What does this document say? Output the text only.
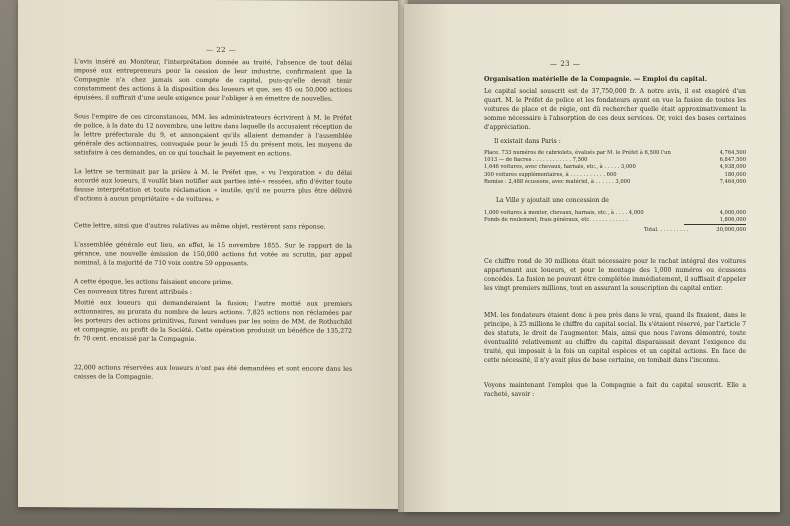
— 22 —
L'avis inséré au Moniteur, l'interprétation donnée au traité, l'absence de tout délai imposé aux entrepreneurs pour la cession de leur industrie, confirmaient que la Compagnie n'a chez jamais son compte de capital, puis-qu'elle devait tenir constamment des actions à la disposition des loueurs et que, ses 45 ou 50,000 actions épuisées, il suffirait d'une seule exigence pour l'obliger à en émettre de nouvelles.
Sous l'empire de ces circonstances, MM. les administrateurs écrivirent à M. le Préfet de police, à la date du 12 novembre, une lettre dans laquelle ils accusaient réception de la lettre préfectorale du 9, et annonçaient qu'ils allaient demander à l'assemblée générale des actionnaires, convoquée pour le jeudi 15 du présent mois, les moyens de satisfaire à ces demandes, en ce qui touchait le payement en actions.
La lettre se terminait par la prière à M. le Préfet que, « vu l'expiration « du délai accordé aux loueurs, il voulût bien notifier aux parties inté-« ressées, afin d'éviter toute fausse interprétation et toute réclamation « inutile, qu'il ne pourra plus être délivré d'actions à aucun propriétaire « de voitures. »
Cette lettre, ainsi que d'autres relatives au même objet, restèrent sans réponse.
L'assemblée générale eut lieu, en effet, le 15 novembre 1855. Sur le rapport de la gérance, une nouvelle émission de 150,000 actions fut votée au scrutin, par appel nominal, à la majorité de 710 voix contre 59 opposants.
A cette époque, les actions faisaient encore prime.
Ces nouveaux titres furent attribués :
Moitié aux loueurs qui demanderaient la fusion; l'autre moitié aux premiers actionnaires, au prorata du nombre de leurs actions. 7,825 actions non réclamées par les porteurs des actions primitives, furent vendues par les soins de MM. de Rothschild et compagnie, au profit de la Société. Cette opération produisit un bénéfice de 135,272 fr. 70 cent. encaissé par la Compagnie.
22,000 actions réservées aux loueurs n'ont pas été demandées et sont encore dans les caisses de la Compagnie.
— 23 —
Organisation matérielle de la Compagnie. — Emploi du capital.
Le capital social souscrit est de 37,750,000 fr. A notre avis, il est exagéré d'un quart. M. le Préfet de police et les fondateurs ayant en vue la fusion de toutes les voitures de place et de régie, ont dû rechercher quelle était approximativement la somme nécessaire à l'absorption de ces deux services. Or, voici des bases certaines d'appréciation.
Il existait dans Paris :
Place. 733 numéros de cabriolets, évalués par M. le Préfet à 6,500 l'un	4,764,500
1013 — de fiacres . . . . . . . . . . . . 7,500	6,847,500
1,646 voitures, avec chevaux, harnais, etc., à . . . . . 3,000	4,938,000
300 voitures supplémentaires, à . . . . . . . . . . . 600	180,000
Remise : 2,488 écussons, avec matériel, à . . . . . . 3,000	7,464,000
La Ville y ajoutait une concession de
1,000 voitures à monter, chevaux, harnais, etc., à . . . . 4,000	4,000,000
Fonds de roulement, frais généraux, etc. . . . . . . . . . . .	1,806,000
Total. . . . . . . . . .	30,000,000
Ce chiffre rond de 30 millions était nécessaire pour le rachat intégral des voitures appartenant aux loueurs, et pour le montage des 1,000 numéros ou écussons concédés. La fusion ne pouvant être complétée immédiatement, il suffisait d'appeler les vingt premiers millions, tout en assurant la souscription du capital entier.
MM. les fondateurs étaient donc à peu près dans le vrai, quand ils fixaient, dans le principe, à 25 millions le chiffre du capital social. Ils s'étaient réservé, par l'article 7 des statuts, le droit de l'augmenter. Mais, ainsi que nous l'avons démontré, toute éventualité relativement au chiffre du capital disparaissait devant l'exigence du traité, qui imposait à la fois un capital espèces et un capital actions. En face de cette nécessité, il n'y avait plus de base certaine, on tombait dans l'inconnu.
Voyons maintenant l'emploi que la Compagnie a fait du capital souscrit. Elle a racheté, savoir :
